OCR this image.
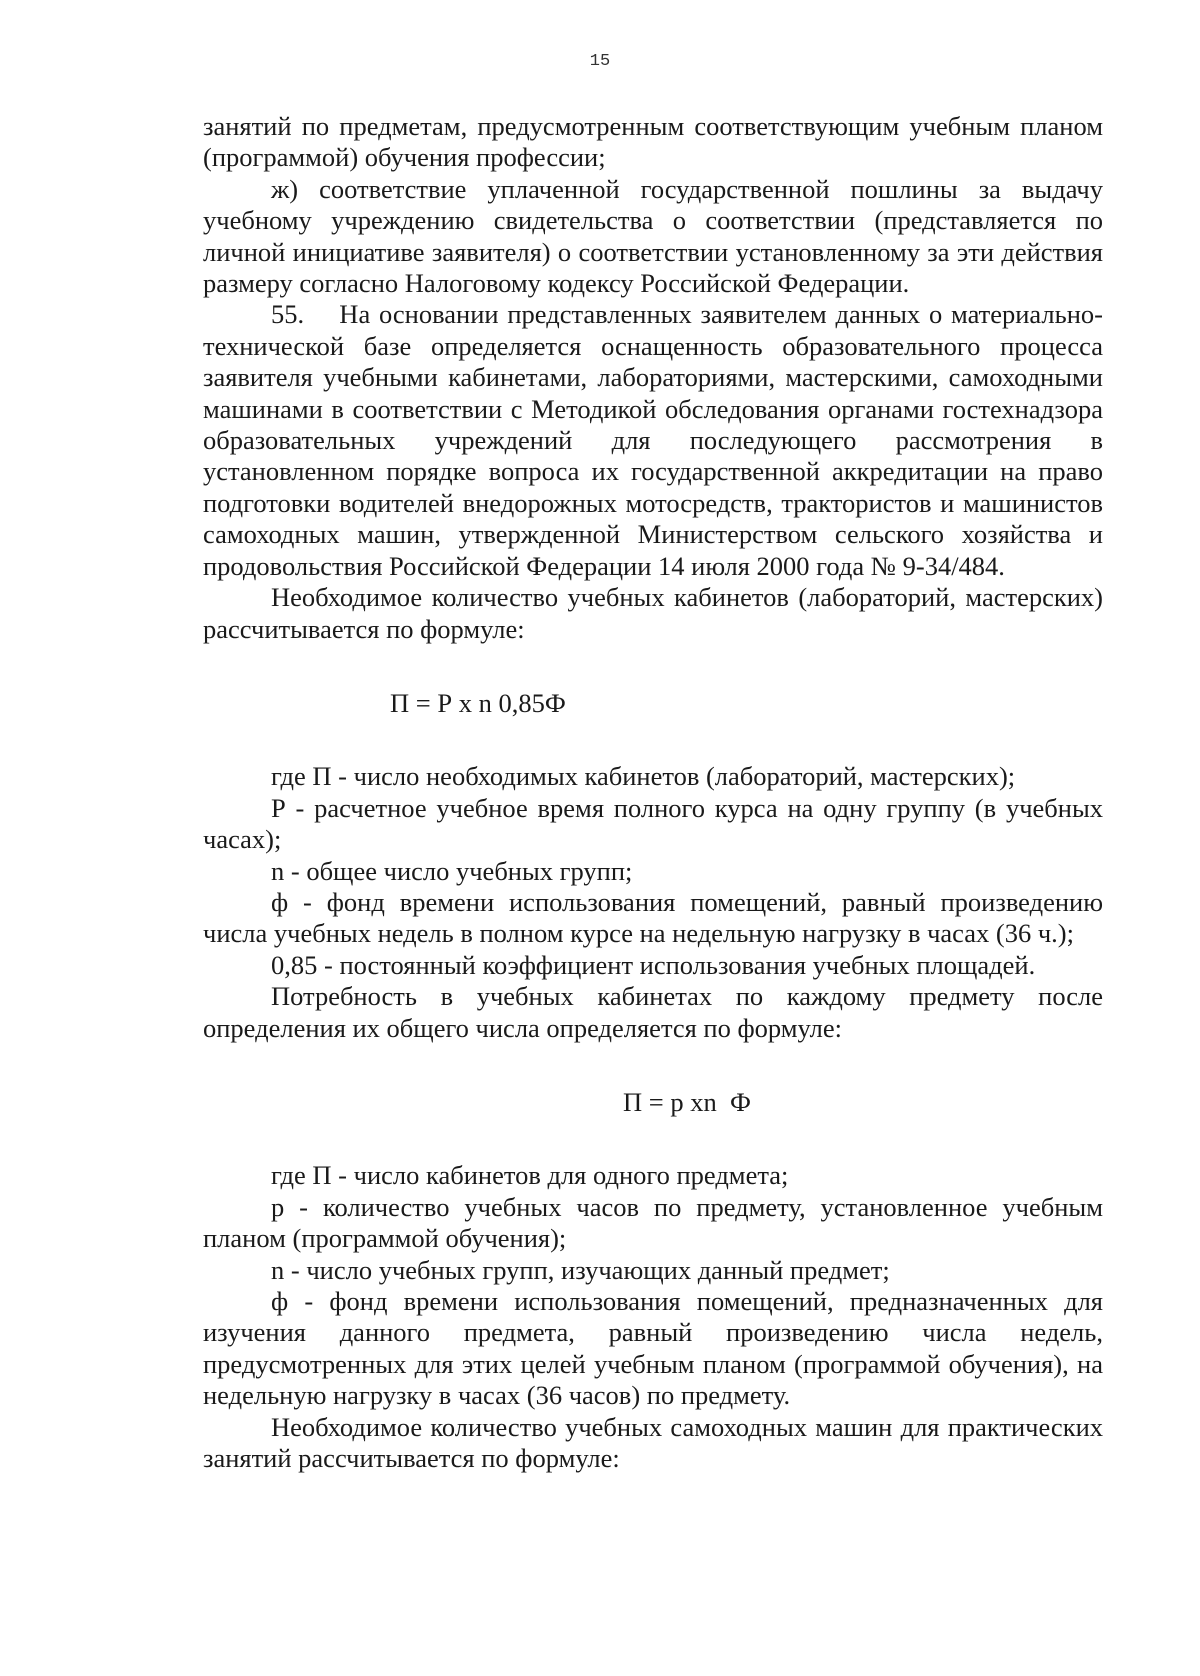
15

занятий по предметам, предусмотренным соответствующим учебным планом (программой) обучения профессии;

ж) соответствие уплаченной государственной пошлины за выдачу учебному учреждению свидетельства о соответствии (представляется по личной инициативе заявителя) о соответствии установленному за эти действия размеру согласно Налоговому кодексу Российской Федерации.

55.    На основании представленных заявителем данных о материально-технической базе определяется оснащенность образовательного процесса заявителя учебными кабинетами, лабораториями, мастерскими, самоходными машинами в соответствии с Методикой обследования органами гостехнадзора образовательных учреждений для последующего рассмотрения в установленном порядке вопроса их государственной аккредитации на право подготовки водителей внедорожных мотосредств, трактористов и машинистов самоходных машин, утвержденной Министерством сельского хозяйства и продовольствия Российской Федерации 14 июля 2000 года № 9-34/484.

Необходимое количество учебных кабинетов (лабораторий, мастерских) рассчитывается по формуле:

П = Р х n 0,85Ф

где П - число необходимых кабинетов (лабораторий, мастерских);

Р - расчетное учебное время полного курса на одну группу (в учебных часах);

n - общее число учебных групп;

ф - фонд времени использования помещений, равный произведению числа учебных недель в полном курсе на недельную нагрузку в часах (36 ч.);

0,85 - постоянный коэффициент использования учебных площадей.

Потребность в учебных кабинетах по каждому предмету после определения их общего числа определяется по формуле:

П = р хn  Ф

где П - число кабинетов для одного предмета;

р - количество учебных часов по предмету, установленное учебным планом (программой обучения);

n - число учебных групп, изучающих данный предмет;

ф - фонд времени использования помещений, предназначенных для изучения данного предмета, равный произведению числа недель, предусмотренных для этих целей учебным планом (программой обучения), на недельную нагрузку в часах (36 часов) по предмету.

Необходимое количество учебных самоходных машин для практических занятий рассчитывается по формуле:
